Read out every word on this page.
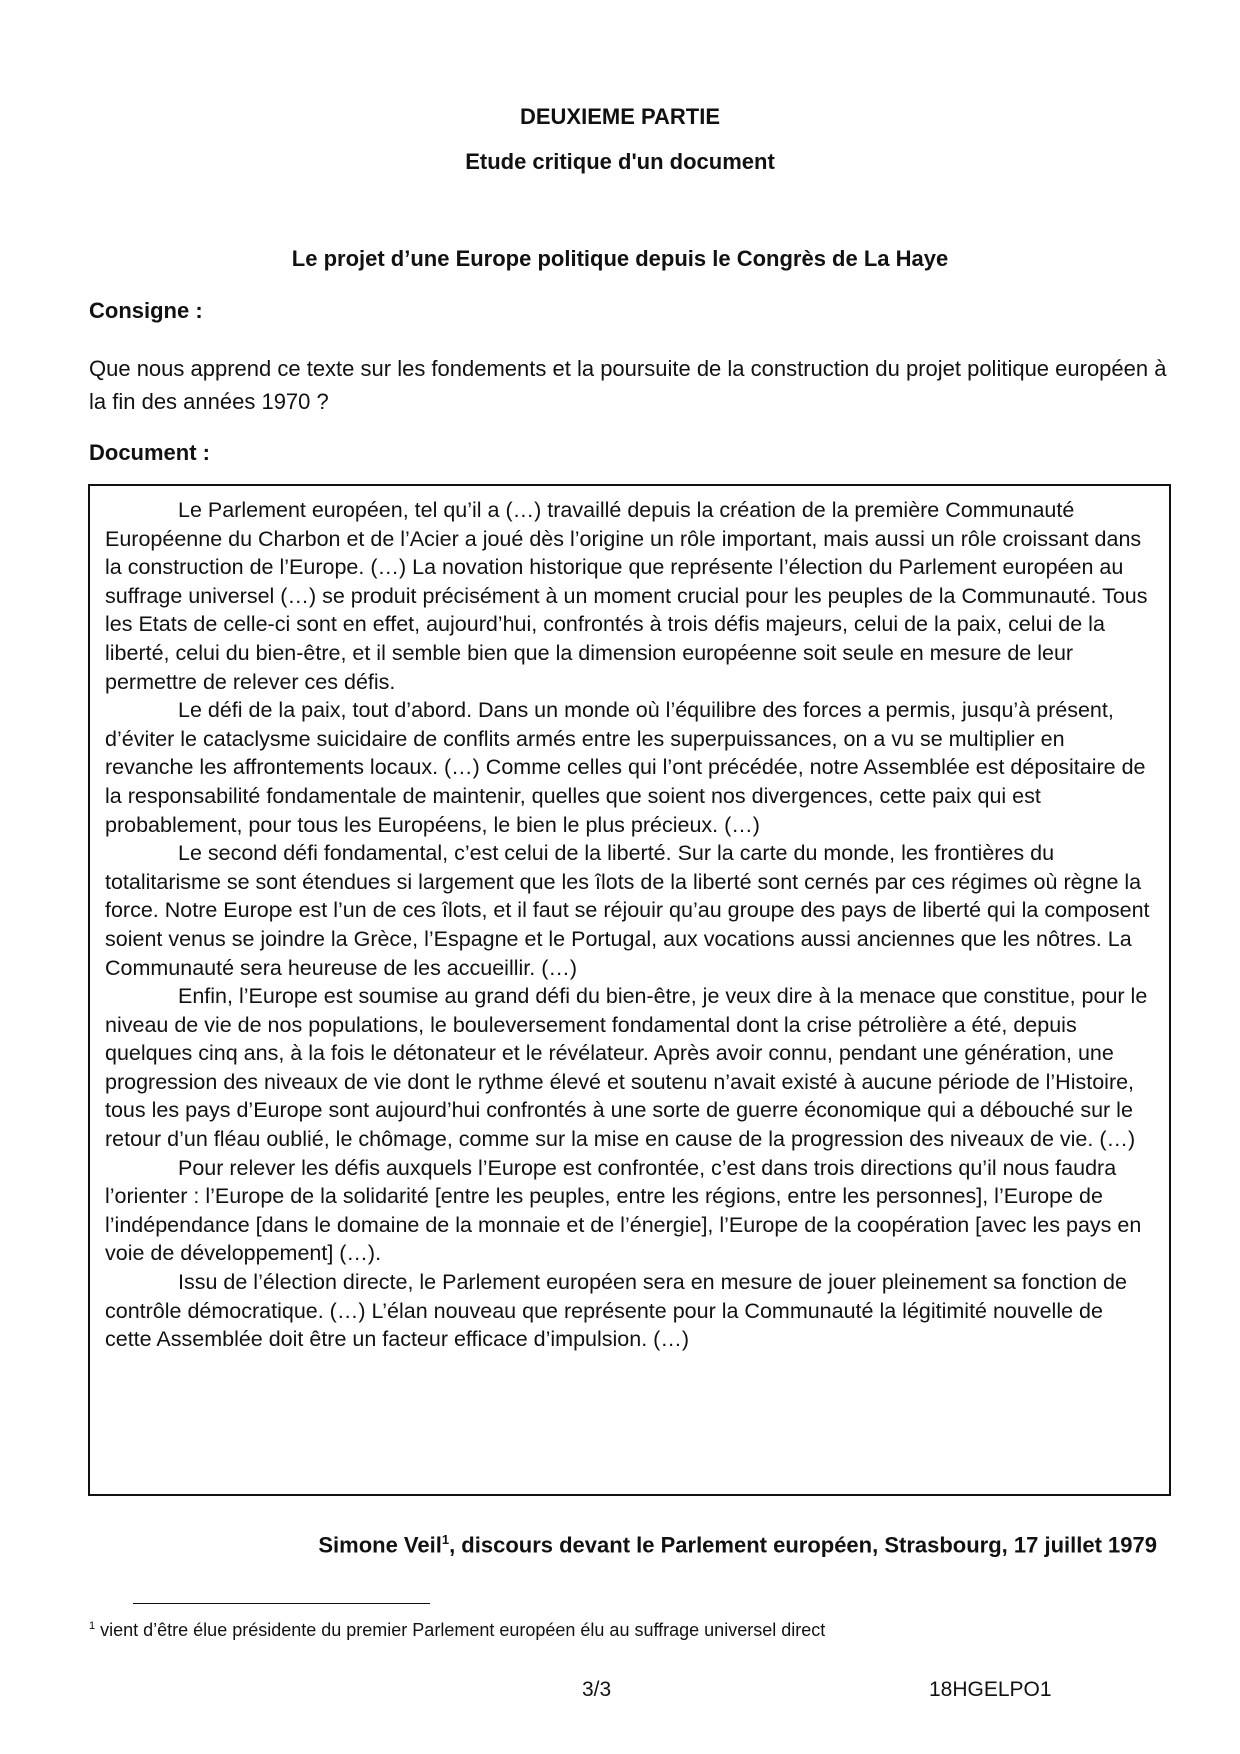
DEUXIEME PARTIE
Etude critique d'un document
Le projet d’une Europe politique depuis le Congrès de La Haye
Consigne :
Que nous apprend ce texte sur les fondements et la poursuite de la construction du projet politique européen à la fin des années 1970 ?
Document :

Le Parlement européen, tel qu’il a (…) travaillé depuis la création de la première Communauté Européenne du Charbon et de l’Acier a joué dès l’origine un rôle important, mais aussi un rôle croissant dans la construction de l’Europe. (…) La novation historique que représente l’élection du Parlement européen au suffrage universel (…) se produit précisément à un moment crucial pour les peuples de la Communauté. Tous les Etats de celle-ci sont en effet, aujourd’hui, confrontés à trois défis majeurs, celui de la paix, celui de la liberté, celui du bien-être, et il semble bien que la dimension européenne soit seule en mesure de leur permettre de relever ces défis.

Le défi de la paix, tout d’abord. Dans un monde où l’équilibre des forces a permis, jusqu’à présent, d’éviter le cataclysme suicidaire de conflits armés entre les superpuissances, on a vu se multiplier en revanche les affrontements locaux. (…) Comme celles qui l’ont précédée, notre Assemblée est dépositaire de la responsabilité fondamentale de maintenir, quelles que soient nos divergences, cette paix qui est probablement, pour tous les Européens, le bien le plus précieux. (…)

Le second défi fondamental, c’est celui de la liberté. Sur la carte du monde, les frontières du totalitarisme se sont étendues si largement que les îlots de la liberté sont cernés par ces régimes où règne la force. Notre Europe est l’un de ces îlots, et il faut se réjouir qu’au groupe des pays de liberté qui la composent soient venus se joindre la Grèce, l’Espagne et le Portugal, aux vocations aussi anciennes que les nôtres. La Communauté sera heureuse de les accueillir. (…)

Enfin, l’Europe est soumise au grand défi du bien-être, je veux dire à la menace que constitue, pour le niveau de vie de nos populations, le bouleversement fondamental dont la crise pétrolière a été, depuis quelques cinq ans, à la fois le détonateur et le révélateur. Après avoir connu, pendant une génération, une progression des niveaux de vie dont le rythme élevé et soutenu n’avait existé à aucune période de l’Histoire, tous les pays d’Europe sont aujourd’hui confrontés à une sorte de guerre économique qui a débouché sur le retour d’un fléau oublié, le chômage, comme sur la mise en cause de la progression des niveaux de vie. (…)

Pour relever les défis auxquels l’Europe est confrontée, c’est dans trois directions qu’il nous faudra l’orienter : l’Europe de la solidarité [entre les peuples, entre les régions, entre les personnes], l’Europe de l’indépendance [dans le domaine de la monnaie et de l’énergie], l’Europe de la coopération [avec les pays en voie de développement] (…).

Issu de l’élection directe, le Parlement européen sera en mesure de jouer pleinement sa fonction de contrôle démocratique. (…) L’élan nouveau que représente pour la Communauté la légitimité nouvelle de cette Assemblée doit être un facteur efficace d’impulsion. (…)

Simone Veil$^1$, discours devant le Parlement européen, Strasbourg, 17 juillet 1979
$^1$ vient d’être élue présidente du premier Parlement européen élu au suffrage universel direct
3/3	18HGELPO1
